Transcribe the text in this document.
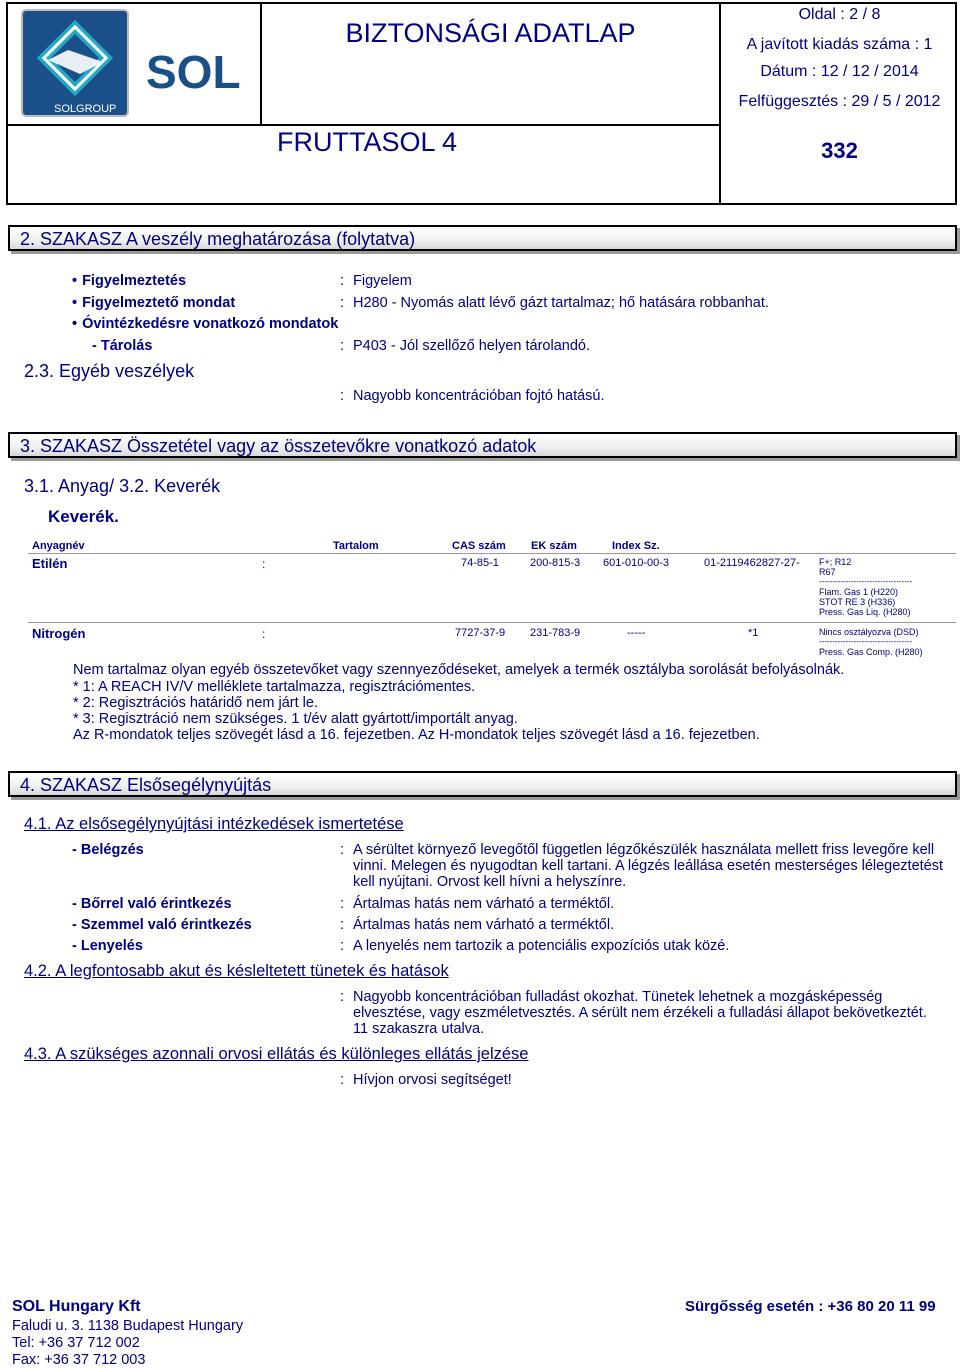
SOL
SOLGROUP
BIZTONSÁGI ADATLAP
FRUTTASOL 4
Oldal : 2 / 8
A javított kiadás száma : 1
Dátum : 12 / 12 / 2014
Felfüggesztés : 29 / 5 / 2012
332
2. SZAKASZ A veszély meghatározása (folytatva)
• Figyelmeztetés	: Figyelem
• Figyelmeztető mondat	: H280 - Nyomás alatt lévő gázt tartalmaz; hő hatására robbanhat.
• Óvintézkedésre vonatkozó mondatok
- Tárolás	: P403 - Jól szellőző helyen tárolandó.
2.3. Egyéb veszélyek
: Nagyobb koncentrációban fojtó hatású.
3. SZAKASZ Összetétel vagy az összetevőkre vonatkozó adatok
3.1. Anyag/ 3.2. Keverék
Keverék.
Anyagnév	Tartalom	CAS szám EK szám	Index Sz.
Etilén	:	74-85-1	200-815-3 601-010-00-3	01-2119462827-27- F+; R12
R67
-----------------------------------
Flam. Gas 1 (H220)
STOT RE 3 (H336)
Press. Gas Liq. (H280)
Nitrogén	:	7727-37-9 231-783-9	-----	*1	Nincs osztályozva (DSD)
-----------------------------------
Press. Gas Comp. (H280)
Nem tartalmaz olyan egyéb összetevőket vagy szennyeződéseket, amelyek a termék osztályba sorolását befolyásolnák.
* 1: A REACH IV/V melléklete tartalmazza, regisztrációmentes.
* 2: Regisztrációs határidő nem járt le.
* 3: Regisztráció nem szükséges. 1 t/év alatt gyártott/importált anyag.
Az R-mondatok teljes szövegét lásd a 16. fejezetben. Az H-mondatok teljes szövegét lásd a 16. fejezetben.
4. SZAKASZ Elsősegélynyújtás
4.1. Az elsősegélynyújtási intézkedések ismertetése
- Belégzés	: A sérültet környező levegőtől független légzőkészülék használata mellett friss levegőre kell
vinni. Melegen és nyugodtan kell tartani. A légzés leállása esetén mesterséges lélegeztetést
kell nyújtani. Orvost kell hívni a helyszínre.
- Bőrrel való érintkezés	: Ártalmas hatás nem várható a terméktől.
- Szemmel való érintkezés	: Ártalmas hatás nem várható a terméktől.
- Lenyelés	: A lenyelés nem tartozik a potenciális expozíciós utak közé.
4.2. A legfontosabb akut és késleltetett tünetek és hatások
: Nagyobb koncentrációban fulladást okozhat. Tünetek lehetnek a mozgásképesség
elvesztése, vagy eszméletvesztés. A sérült nem érzékeli a fulladási állapot bekövetkeztét.
11 szakaszra utalva.
4.3. A szükséges azonnali orvosi ellátás és különleges ellátás jelzése
: Hívjon orvosi segítséget!
SOL Hungary Kft
Faludi u. 3. 1138 Budapest Hungary
Tel: +36 37 712 002
Fax: +36 37 712 003
Sürgősség esetén : +36 80 20 11 99
